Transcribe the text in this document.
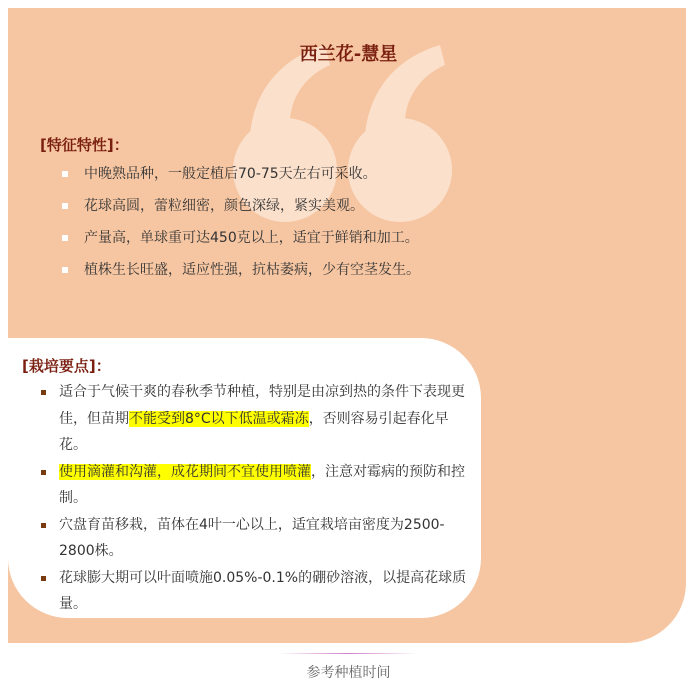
西兰花-慧星
[特征特性]：
中晚熟品种，一般定植后70-75天左右可采收。
花球高圆，蕾粒细密，颜色深绿，紧实美观。
产量高，单球重可达450克以上，适宜于鲜销和加工。
植株生长旺盛，适应性强，抗枯萎病，少有空茎发生。
[栽培要点]：
适合于气候干爽的春秋季节种植，特别是由凉到热的条件下表现更佳，但苗期不能受到8°C以下低温或霜冻，否则容易引起春化早花。
使用滴灌和沟灌，成花期间不宜使用喷灌，注意对霉病的预防和控制。
穴盘育苗移栽，苗体在4叶一心以上，适宜栽培亩密度为2500-2800株。
花球膨大期可以叶面喷施0.05%-0.1%的硼砂溶液，以提高花球质量。
参考种植时间
